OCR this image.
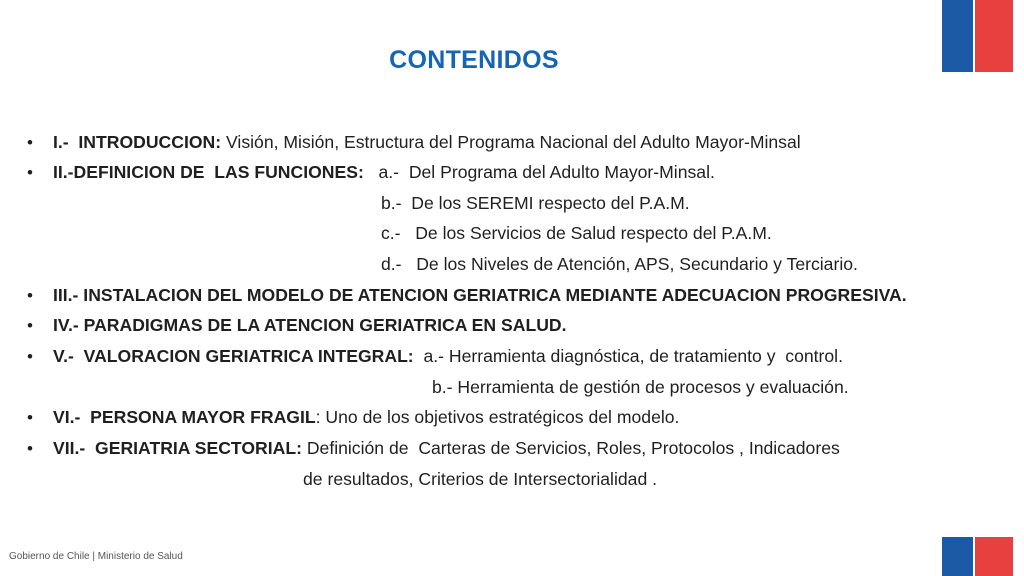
CONTENIDOS
• I.-  INTRODUCCION: Visión, Misión, Estructura del Programa Nacional del Adulto Mayor-Minsal
• II.-DEFINICION DE  LAS FUNCIONES:   a.-  Del Programa del Adulto Mayor-Minsal.
b.-  De los SEREMI respecto del P.A.M.
c.-   De los Servicios de Salud respecto del P.A.M.
d.-   De los Niveles de Atención, APS, Secundario y Terciario.
• III.- INSTALACION DEL MODELO DE ATENCION GERIATRICA MEDIANTE ADECUACION PROGRESIVA.
• IV.- PARADIGMAS DE LA ATENCION GERIATRICA EN SALUD.
• V.-  VALORACION GERIATRICA INTEGRAL:  a.- Herramienta diagnóstica, de tratamiento y  control.
b.- Herramienta de gestión de procesos y evaluación.
• VI.-  PERSONA MAYOR FRAGIL: Uno de los objetivos estratégicos del modelo.
• VII.-  GERIATRIA SECTORIAL: Definición de  Carteras de Servicios, Roles, Protocolos , Indicadores
de resultados, Criterios de Intersectorialidad .
Gobierno de Chile | Ministerio de Salud
